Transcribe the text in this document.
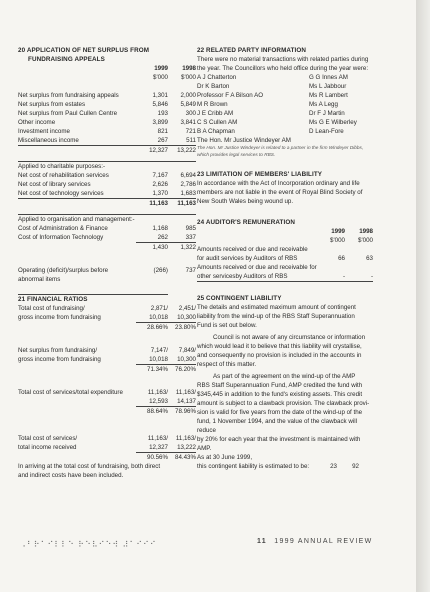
20 APPLICATION OF NET SURPLUS FROM
FUNDRAISING APPEALS
1999	1998
$'000	$'000
Net surplus from fundraising appeals	1,301	2,000
Net surplus from estates	5,846	5,849
Net surplus from Paul Cullen Centre	193	300
Other income	3,899	3,841
Investment income	821	721
Miscellaneous income	267	511
12,327	13,222
Applied to charitable purposes:-
Net cost of rehabilitation services	7,167	6,694
Net cost of library services	2,626	2,786
Net cost of technology services	1,370	1,683
11,163	11,163
Applied to organisation and management:-
Cost of Administration & Finance	1,168	985
Cost of Information Technology	262	337
1,430	1,322
Operating (deficit)/surplus before	(266)	737
abnormal items
21 FINANCIAL RATIOS
Total cost of fundraising/	2,871/	2,451/
gross income from fundraising	10,018	10,300
28.66%	23.80%
Net surplus from fundraising/	7,147/	7,849/
gross income from fundraising	10,018	10,300
71.34%	76.20%
Total cost of services/total expenditure	11,163/	11,163/
12,593	14,137
88.64%	78.96%
Total cost of services/	11,163/	11,163/
total income received	12,327	13,222
90.56%	84.43%

In arriving at the total cost of fundraising, both direct

and indirect costs have been included.

22 RELATED PARTY INFORMATION

There were no material transactions with related parties during

the year. The Councillors who held office during the year were:

A J Chatterton	G G Innes AM
Dr K Barton	Ms L Jabbour
Professor F A Bilson AO	Ms R Lambert
M R Brown	Ms A Legg
J E Cribb AM	Dr F J Martin
C S Cullen AM	Ms G E Wilberley
B A Chapman	D Lean-Fore
The Hon. Mr Justice Windeyer AM

The Hon. Mr Justice Windeyer is related to a partner in the firm Windeyer Dibbs,

which provides legal services to RBS.

23 LIMITATION OF MEMBERS' LIABILITY

In accordance with the Act of Incorporation ordinary and life

members are not liable in the event of Royal Blind Society of

New South Wales being wound up.

24 AUDITOR'S REMUNERATION
1999	1998
$'000	$'000
Amounts received or due and receivable
for audit services by Auditors of RBS	66	63
Amounts received or due and receivable for
other servicesby Auditors of RBS	-	-
25 CONTINGENT LIABILITY

The details and estimated maximum amount of contingent

liability from the wind-up of the RBS Staff Superannuation

Fund is set out below.

Council is not aware of any circumstance or information

which would lead it to believe that this liability will crystallise,

and consequently no provision is included in the accounts in

respect of this matter.

As part of the agreement on the wind-up of the AMP

RBS Staff Superannuation Fund, AMP credited the fund with

$345,445 in addition to the fund's existing assets. This credit

amount is subject to a clawback provision. The clawback provi-

sion is valid for five years from the date of the wind-up of the

fund, 1 November 1994, and the value of the clawback will reduce

by 20% for each year that the investment is maintained with AMP.

As at 30 June 1999,

this contingent liability is estimated to be:	23	92
⠠⠃⠗⠁⠊⠇⠇⠑ ⠗⠑⠧⠊⠑⠺ ⠼⠁⠊⠊⠊	11 1999 ANNUAL REVIEW
